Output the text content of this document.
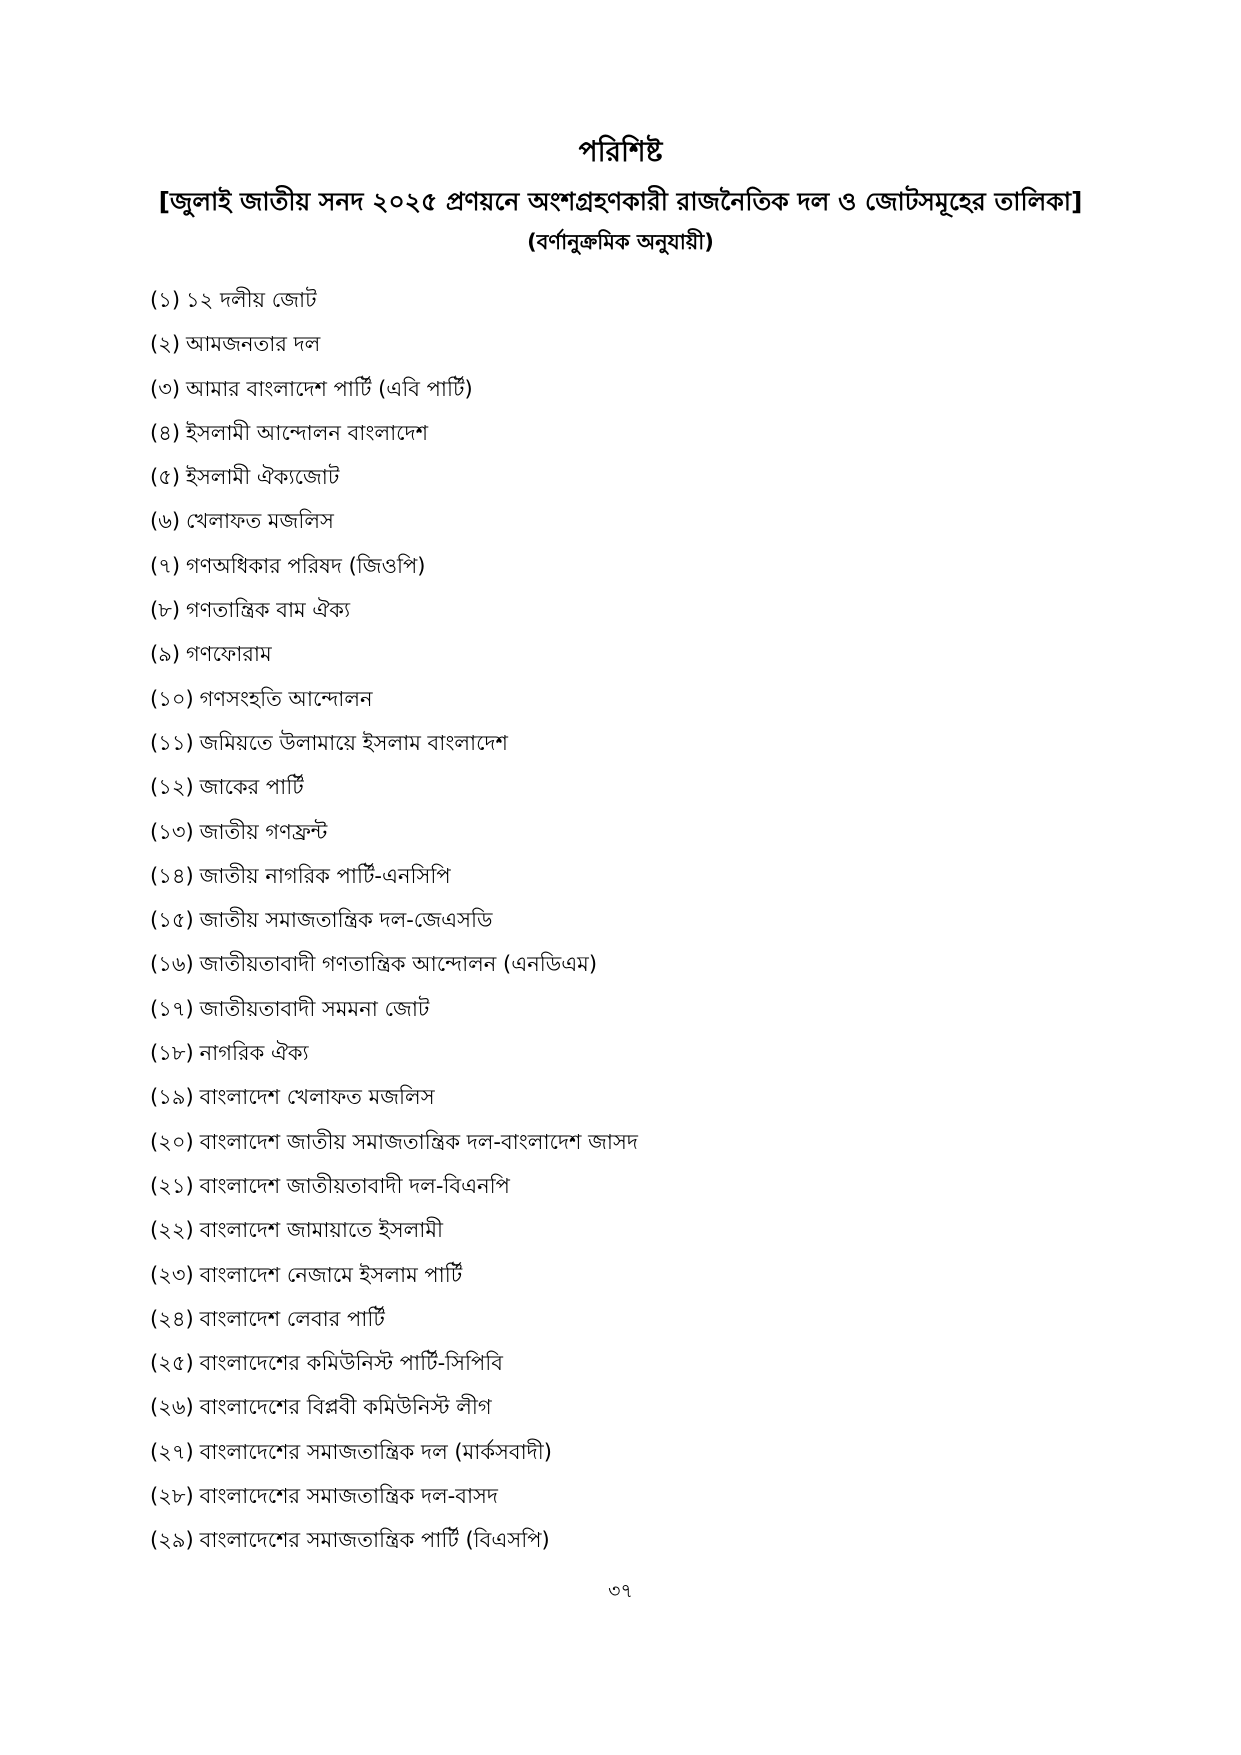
পরিশিষ্ট
[জুলাই জাতীয় সনদ ২০২৫ প্রণয়নে অংশগ্রহণকারী রাজনৈতিক দল ও জোটসমূহের তালিকা]
(বর্ণানুক্রমিক অনুযায়ী)
(১) ১২ দলীয় জোট
(২) আমজনতার দল
(৩) আমার বাংলাদেশ পার্টি (এবি পার্টি)
(৪) ইসলামী আন্দোলন বাংলাদেশ
(৫) ইসলামী ঐক্যজোট
(৬) খেলাফত মজলিস
(৭) গণঅধিকার পরিষদ (জিওপি)
(৮) গণতান্ত্রিক বাম ঐক্য
(৯) গণফোরাম
(১০) গণসংহতি আন্দোলন
(১১) জমিয়তে উলামায়ে ইসলাম বাংলাদেশ
(১২) জাকের পার্টি
(১৩) জাতীয় গণফ্রন্ট
(১৪) জাতীয় নাগরিক পার্টি-এনসিপি
(১৫) জাতীয় সমাজতান্ত্রিক দল-জেএসডি
(১৬) জাতীয়তাবাদী গণতান্ত্রিক আন্দোলন (এনডিএম)
(১৭) জাতীয়তাবাদী সমমনা জোট
(১৮) নাগরিক ঐক্য
(১৯) বাংলাদেশ খেলাফত মজলিস
(২০) বাংলাদেশ জাতীয় সমাজতান্ত্রিক দল-বাংলাদেশ জাসদ
(২১) বাংলাদেশ জাতীয়তাবাদী দল-বিএনপি
(২২) বাংলাদেশ জামায়াতে ইসলামী
(২৩) বাংলাদেশ নেজামে ইসলাম পার্টি
(২৪) বাংলাদেশ লেবার পার্টি
(২৫) বাংলাদেশের কমিউনিস্ট পার্টি-সিপিবি
(২৬) বাংলাদেশের বিপ্লবী কমিউনিস্ট লীগ
(২৭) বাংলাদেশের সমাজতান্ত্রিক দল (মার্কসবাদী)
(২৮) বাংলাদেশের সমাজতান্ত্রিক দল-বাসদ
(২৯) বাংলাদেশের সমাজতান্ত্রিক পার্টি (বিএসপি)
৩৭
